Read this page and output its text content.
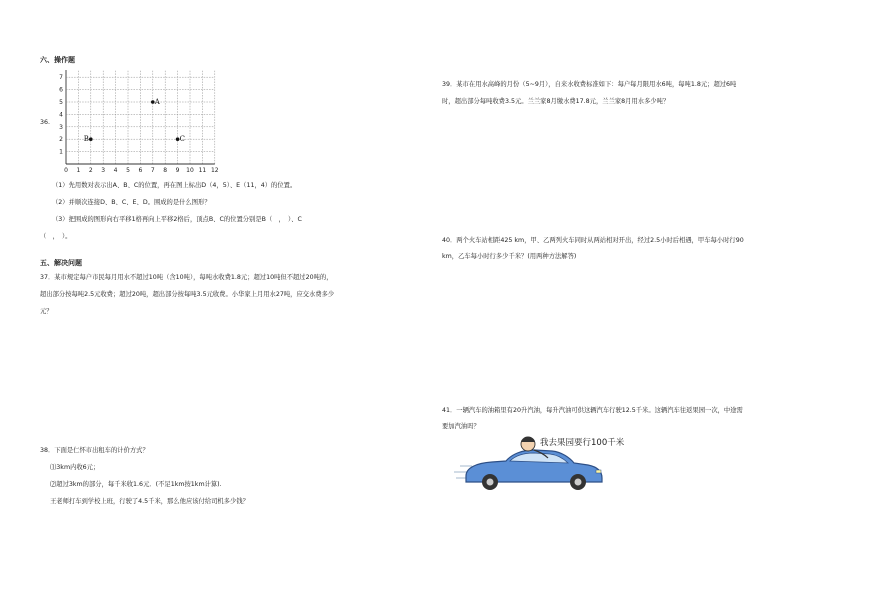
六、操作题
36.
0 1 2 3 4 5 6 7 8 9 10 11 12
1
2
3
4
5
6
7
A
B	C
（1）先用数对表示出A、B、C的位置，再在图上标出D（4，5）、E（11，4）的位置。
（2）并顺次连接D、B、C、E、D。围成的是什么图形？
（3）把围成的图形向右平移1格再向上平移2格后，顶点B、C的位置分别是B（　，　）、C
（　，　）。
五、解决问题
37．某市规定每户市民每月用水不超过10吨（含10吨），每吨水收费1.8元；超过10吨但不超过20吨的，
超出部分按每吨2.5元收费；超过20吨，超出部分按每吨3.5元收费。小华家上月用水27吨，应交水费多少
元？
38．下面是仁怀市出租车的计价方式？
⑴3km内收6元；
⑵超过3km的部分，每千米收1.6元．(不足1km按1km计算).
王老师打车到学校上班，行驶了4.5千米，那么他应该付给司机多少钱？
39．某市在用水高峰的月份（5~9月），自来水收费标准如下：每户每月限用水6吨，每吨1.8元；超过6吨
时，超出部分每吨收费3.5元。兰兰家8月缴水费17.8元，兰兰家8月用水多少吨？
40．两个火车站相距425 km，甲、乙两列火车同时从两站相对开出，经过2.5小时后相遇，甲车每小时行90
km，乙车每小时行多少千米？(用两种方法解答)
41．一辆汽车的油箱里有20升汽油，每升汽油可供这辆汽车行驶12.5千米。这辆汽车往返果园一次，中途需
要加汽油吗？
我去果园要行100千米
